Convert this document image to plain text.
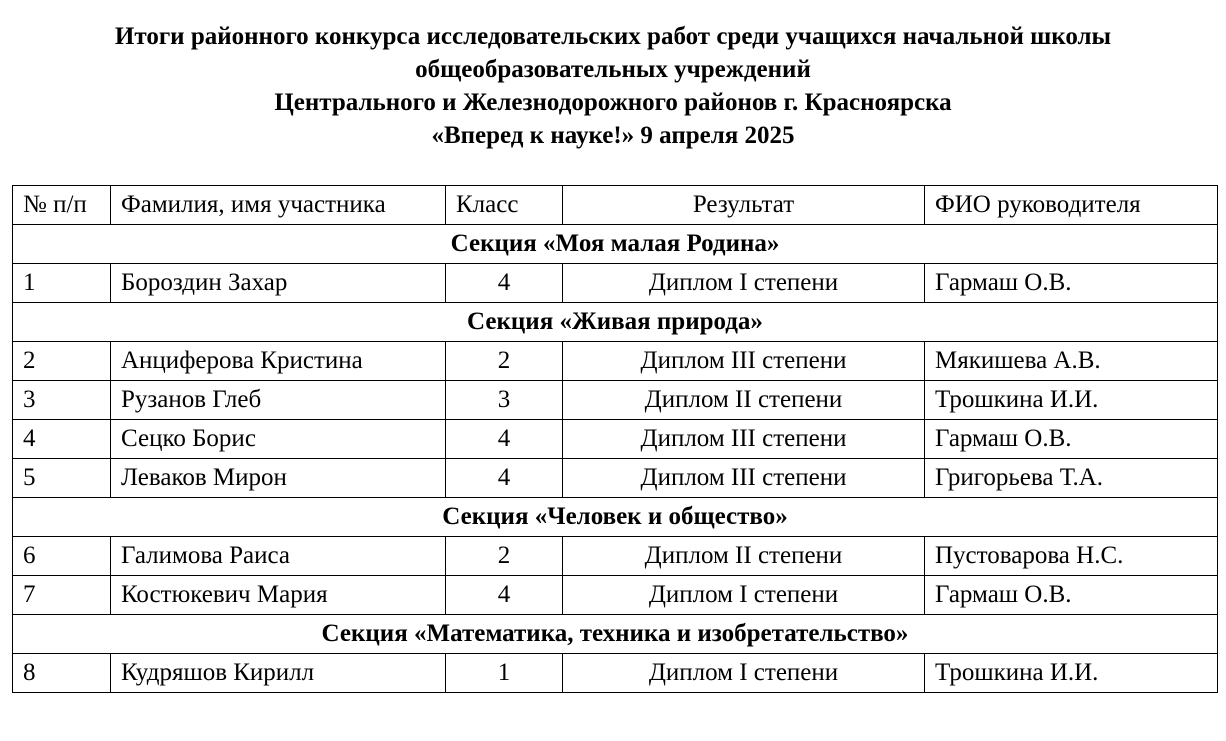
Итоги районного конкурса исследовательских работ среди учащихся начальной школы
общеобразовательных учреждений
Центрального и Железнодорожного районов г. Красноярска
«Вперед к науке!» 9 апреля 2025
№ п/п	Фамилия, имя участника	Класс	Результат	ФИО руководителя
Секция «Моя малая Родина»				
1	Бороздин Захар	4	Диплом I степени	Гармаш О.В.
Секция «Живая природа»				
2	Анциферова Кристина	2	Диплом III степени	Мякишева А.В.
3	Рузанов Глеб	3	Диплом II степени	Трошкина И.И.
4	Сецко Борис	4	Диплом III степени	Гармаш О.В.
5	Леваков Мирон	4	Диплом III степени	Григорьева Т.А.
Секция «Человек и общество»				
6	Галимова Раиса	2	Диплом II степени	Пустоварова Н.С.
7	Костюкевич Мария	4	Диплом I степени	Гармаш О.В.
Секция «Математика, техника и изобретательство»				
8	Кудряшов Кирилл	1	Диплом I степени	Трошкина И.И.
